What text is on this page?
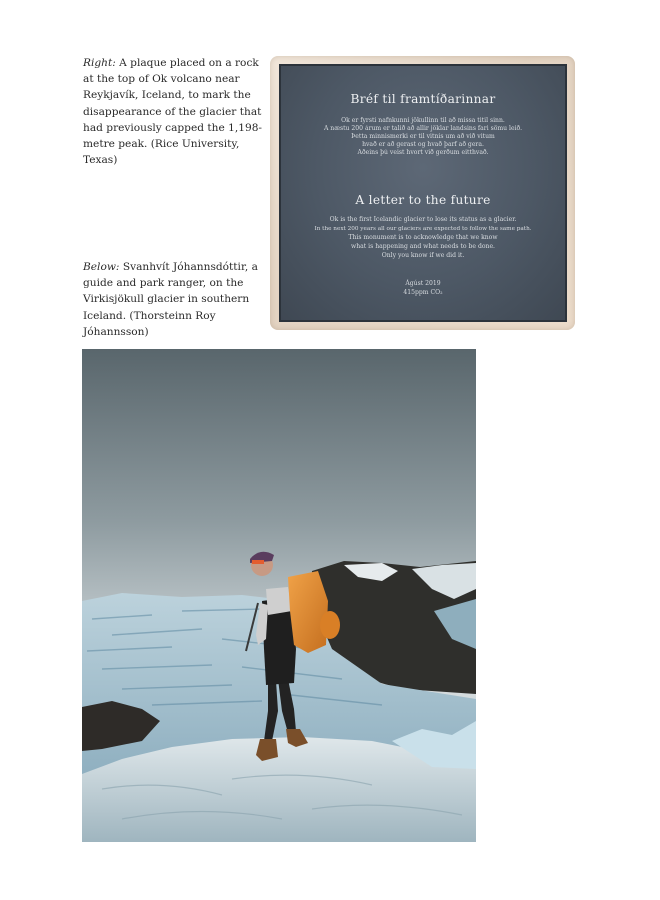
Right: A plaque placed on a rock at the top of Ok volcano near Reykjavík, Iceland, to mark the disappearance of the glacier that had previously capped the 1,198-metre peak. (Rice University, Texas)

Below: Svanhvít Jóhannsdóttir, a guide and park ranger, on the Virkisjökull glacier in southern Iceland. (Thorsteinn Roy Jóhannsson)

Bréf til framtíðarinnar
Ok er fyrsti nafnkunni jökullinn til að missa titil sinn.
Á næstu 200 árum er talið að allir jöklar landsins fari sömu leið.
Þetta minnismerki er til vitnis um að við vitum
hvað er að gerast og hvað þarf að gera.
Aðeins þú veist hvort við gerðum eitthvað.
A letter to the future
Ok is the first Icelandic glacier to lose its status as a glacier.
In the next 200 years all our glaciers are expected to follow the same path.
This monument is to acknowledge that we know
what is happening and what needs to be done.
Only you know if we did it.
Ágúst 2019
415ppm CO₂
